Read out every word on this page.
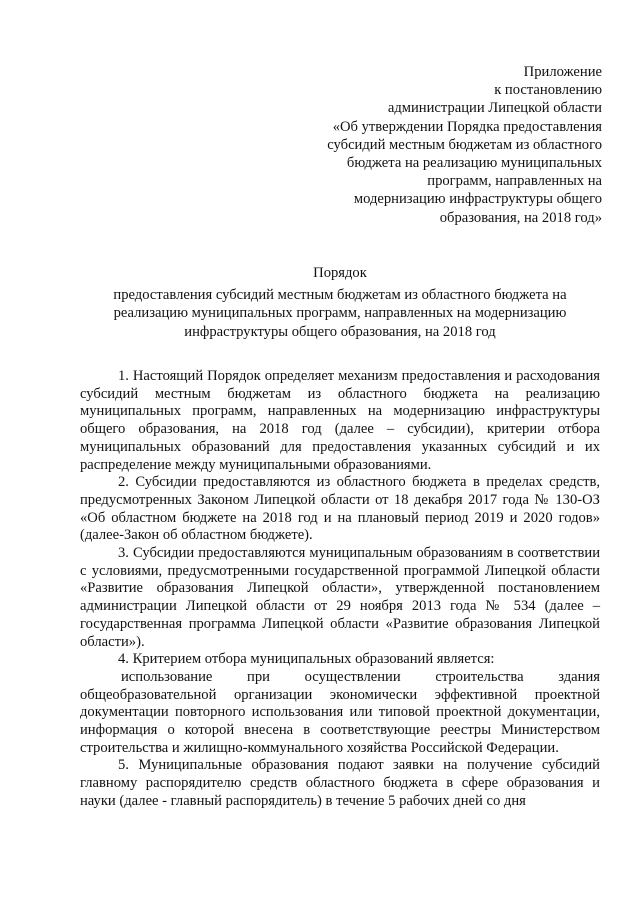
Приложение
к постановлению
администрации Липецкой области
«Об утверждении Порядка предоставления
субсидий местным бюджетам из областного
бюджета на реализацию муниципальных
программ, направленных на
модернизацию инфраструктуры общего
образования, на 2018 год»
Порядок
предоставления субсидий местным бюджетам из областного бюджета на
реализацию муниципальных программ, направленных на модернизацию
инфраструктуры общего образования, на 2018 год

1. Настоящий Порядок определяет механизм предоставления и расходования субсидий местным бюджетам из областного бюджета на реализацию муниципальных программ, направленных на модернизацию инфраструктуры общего образования, на 2018 год (далее – субсидии), критерии отбора муниципальных образований для предоставления указанных субсидий и их распределение между муниципальными образованиями.

2. Субсидии предоставляются из областного бюджета в пределах средств, предусмотренных Законом Липецкой области от 18 декабря 2017 года № 130-ОЗ «Об областном бюджете на 2018 год и на плановый период 2019 и 2020 годов» (далее-Закон об областном бюджете).

3. Субсидии предоставляются муниципальным образованиям в соответствии с условиями, предусмотренными государственной программой Липецкой области «Развитие образования Липецкой области», утвержденной постановлением администрации Липецкой области от 29 ноября 2013 года № 534 (далее – государственная программа Липецкой области «Развитие образования Липецкой области»).

4. Критерием отбора муниципальных образований является:

использование при осуществлении строительства здания общеобразовательной организации экономически эффективной проектной документации повторного использования или типовой проектной документации, информация о которой внесена в соответствующие реестры Министерством строительства и жилищно-коммунального хозяйства Российской Федерации.

5. Муниципальные образования подают заявки на получение субсидий главному распорядителю средств областного бюджета в сфере образования и науки (далее - главный распорядитель) в течение 5 рабочих дней со дня
